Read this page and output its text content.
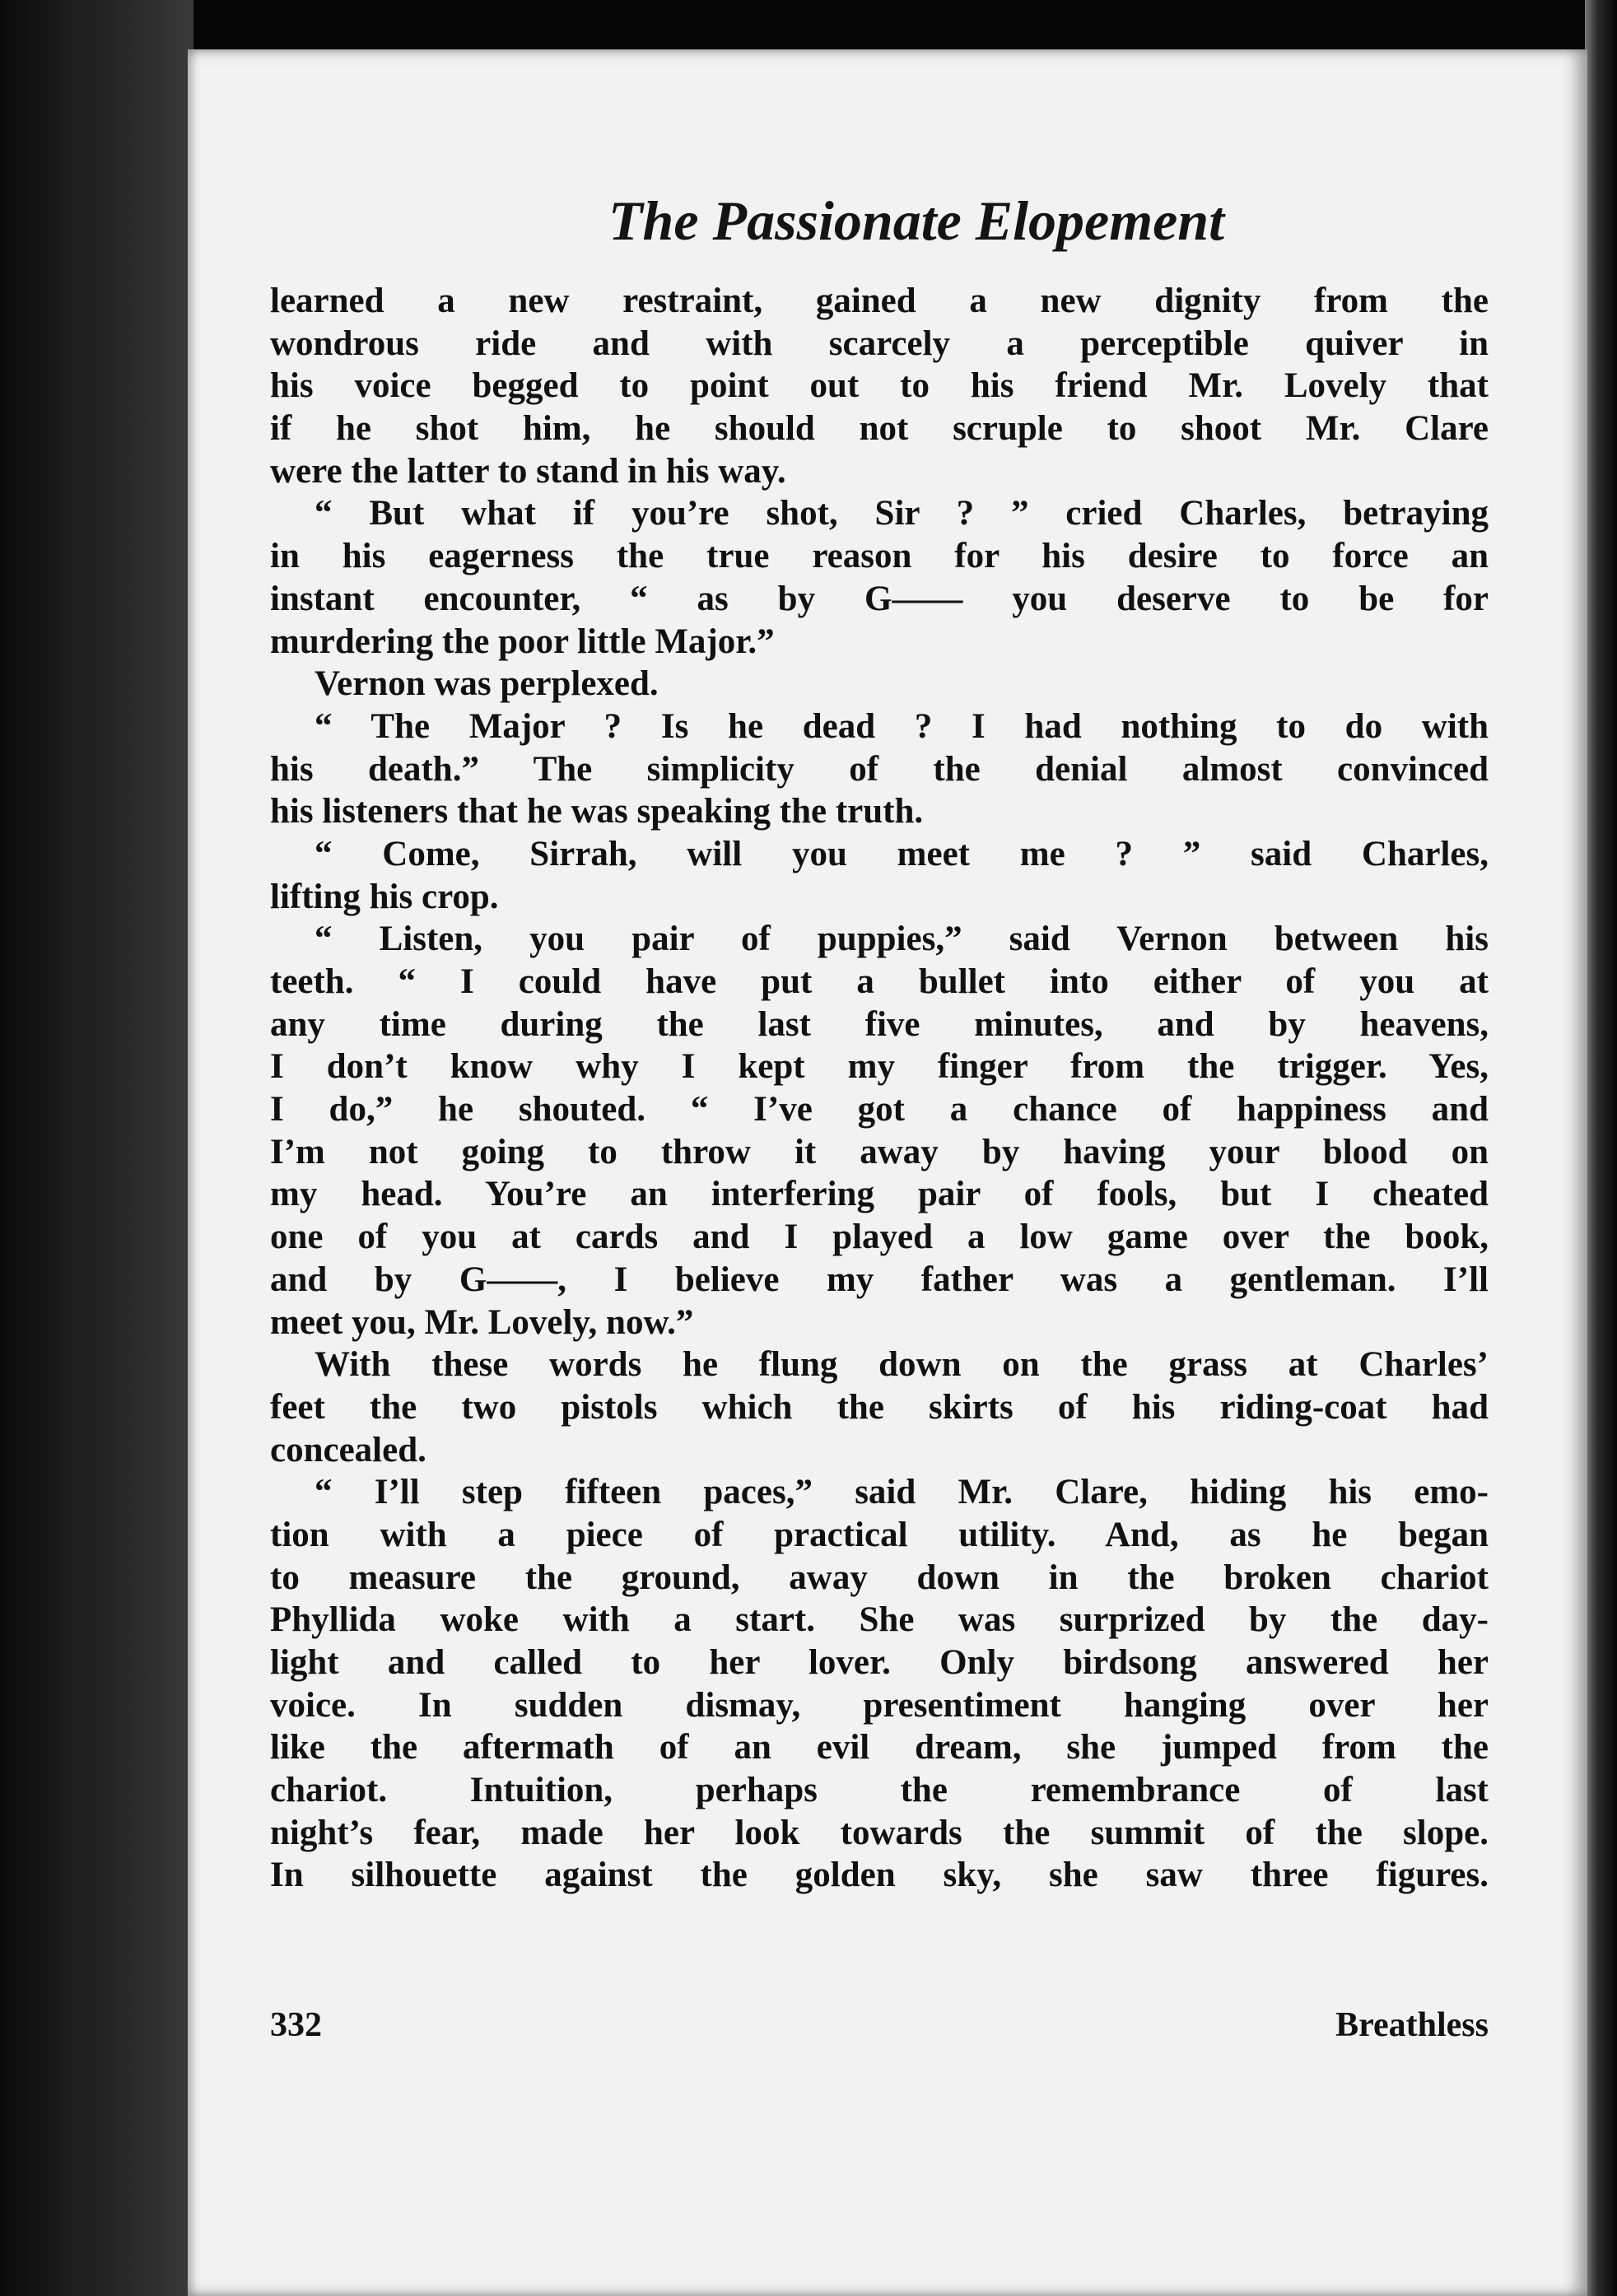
The Passionate Elopement
learned a new restraint, gained a new dignity from the
wondrous ride and with scarcely a perceptible quiver in
his voice begged to point out to his friend Mr. Lovely that
if he shot him, he should not scruple to shoot Mr. Clare
were the latter to stand in his way.
“ But what if you’re shot, Sir ? ” cried Charles, betraying
in his eagerness the true reason for his desire to force an
instant encounter, “ as by G—— you deserve to be for
murdering the poor little Major.”
Vernon was perplexed.
“ The Major ? Is he dead ? I had nothing to do with
his death.” The simplicity of the denial almost convinced
his listeners that he was speaking the truth.
“ Come, Sirrah, will you meet me ? ” said Charles,
lifting his crop.
“ Listen, you pair of puppies,” said Vernon between his
teeth. “ I could have put a bullet into either of you at
any time during the last five minutes, and by heavens,
I don’t know why I kept my finger from the trigger. Yes,
I do,” he shouted. “ I’ve got a chance of happiness and
I’m not going to throw it away by having your blood on
my head. You’re an interfering pair of fools, but I cheated
one of you at cards and I played a low game over the book,
and by G——, I believe my father was a gentleman. I’ll
meet you, Mr. Lovely, now.”
With these words he flung down on the grass at Charles’
feet the two pistols which the skirts of his riding-coat had
concealed.
“ I’ll step fifteen paces,” said Mr. Clare, hiding his emo-
tion with a piece of practical utility. And, as he began
to measure the ground, away down in the broken chariot
Phyllida woke with a start. She was surprized by the day-
light and called to her lover. Only birdsong answered her
voice. In sudden dismay, presentiment hanging over her
like the aftermath of an evil dream, she jumped from the
chariot. Intuition, perhaps the remembrance of last
night’s fear, made her look towards the summit of the slope.
In silhouette against the golden sky, she saw three figures.
332	Breathless
